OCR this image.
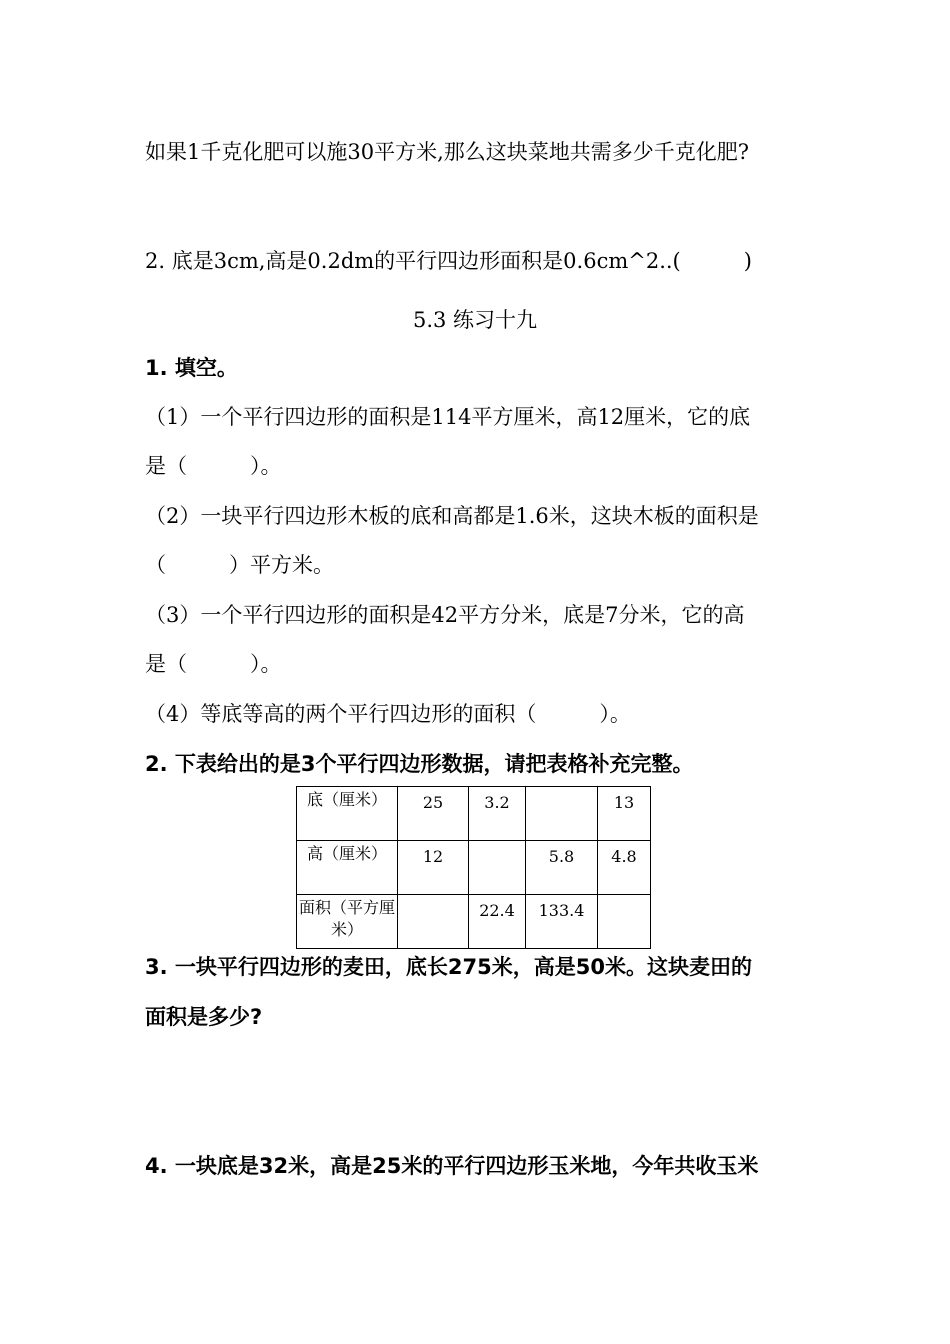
如果1千克化肥可以施30平方米,那么这块菜地共需多少千克化肥?
2. 底是3cm,高是0.2dm的平行四边形面积是0.6cm^2..(　　　)
5.3 练习十九
1. 填空。
（1）一个平行四边形的面积是114平方厘米，高12厘米，它的底
是（　　　）。
（2）一块平行四边形木板的底和高都是1.6米，这块木板的面积是
（　　　）平方米。
（3）一个平行四边形的面积是42平方分米，底是7分米，它的高
是（　　　）。
（4）等底等高的两个平行四边形的面积（　　　）。
2. 下表给出的是3个平行四边形数据，请把表格补充完整。
底（厘米）	25	3.2		13
高（厘米）	12		5.8	4.8
面积（平方厘米）		22.4	133.4	
3. 一块平行四边形的麦田，底长275米，高是50米。这块麦田的
面积是多少?
4. 一块底是32米，高是25米的平行四边形玉米地，今年共收玉米
